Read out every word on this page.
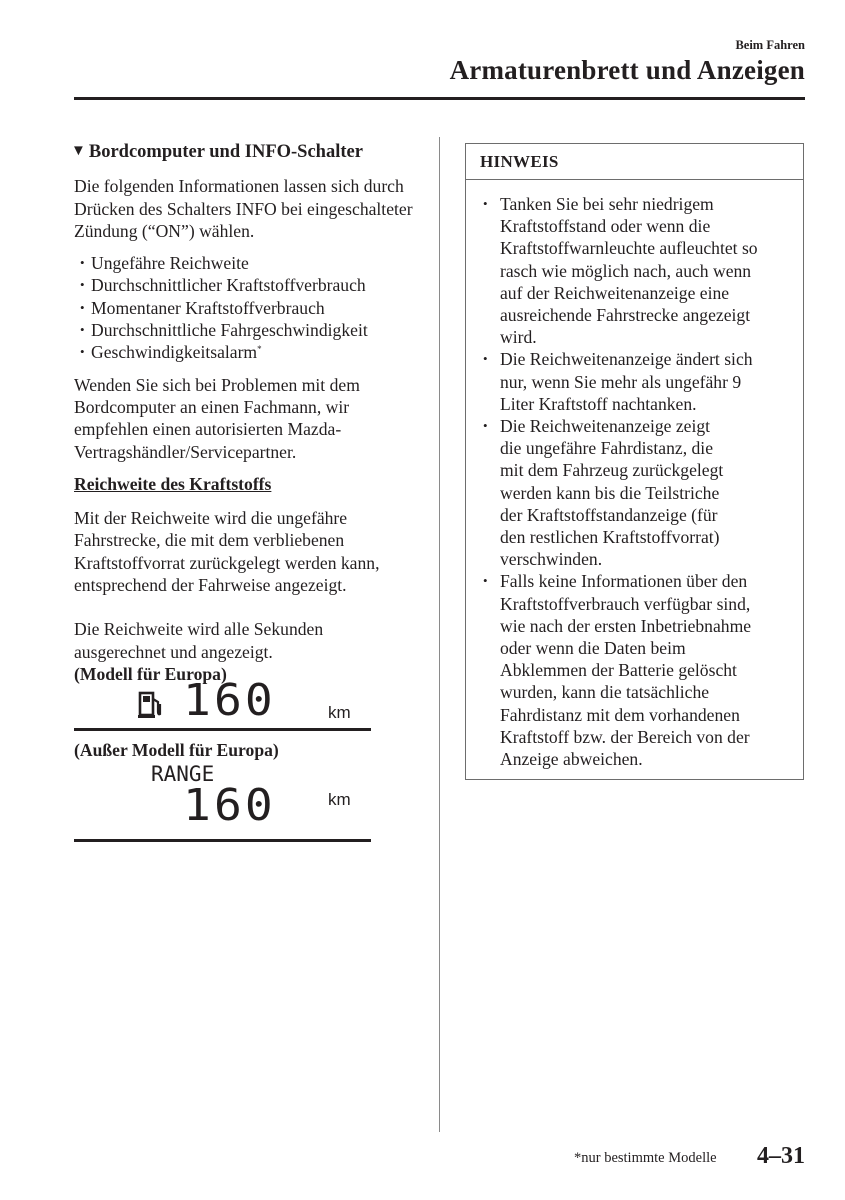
Beim Fahren
Armaturenbrett und Anzeigen
▼ Bordcomputer und INFO-Schalter

Die folgenden Informationen lassen sich durch Drücken des Schalters INFO bei eingeschalteter Zündung (“ON”) wählen.

• Ungefähre Reichweite
• Durchschnittlicher Kraftstoffverbrauch
• Momentaner Kraftstoffverbrauch
• Durchschnittliche Fahrgeschwindigkeit
• Geschwindigkeitsalarm*

Wenden Sie sich bei Problemen mit dem Bordcomputer an einen Fachmann, wir empfehlen einen autorisierten Mazda-Vertragshändler/Servicepartner.

Reichweite des Kraftstoffs

Mit der Reichweite wird die ungefähre Fahrstrecke, die mit dem verbliebenen Kraftstoffvorrat zurückgelegt werden kann, entsprechend der Fahrweise angezeigt.

Die Reichweite wird alle Sekunden ausgerechnet und angezeigt.

(Modell für Europa)

160	km

(Außer Modell für Europa)

RANGE
160	km
HINWEIS
• Tanken Sie bei sehr niedrigem
Kraftstoffstand oder wenn die
Kraftstoffwarnleuchte aufleuchtet so
rasch wie möglich nach, auch wenn
auf der Reichweitenanzeige eine
ausreichende Fahrstrecke angezeigt
wird.
• Die Reichweitenanzeige ändert sich
nur, wenn Sie mehr als ungefähr 9
Liter Kraftstoff nachtanken.
• Die Reichweitenanzeige zeigt
die ungefähre Fahrdistanz, die
mit dem Fahrzeug zurückgelegt
werden kann bis die Teilstriche
der Kraftstoffstandanzeige (für
den restlichen Kraftstoffvorrat)
verschwinden.
• Falls keine Informationen über den
Kraftstoffverbrauch verfügbar sind,
wie nach der ersten Inbetriebnahme
oder wenn die Daten beim
Abklemmen der Batterie gelöscht
wurden, kann die tatsächliche
Fahrdistanz mit dem vorhandenen
Kraftstoff bzw. der Bereich von der
Anzeige abweichen.
*nur bestimmte Modelle 4–31
